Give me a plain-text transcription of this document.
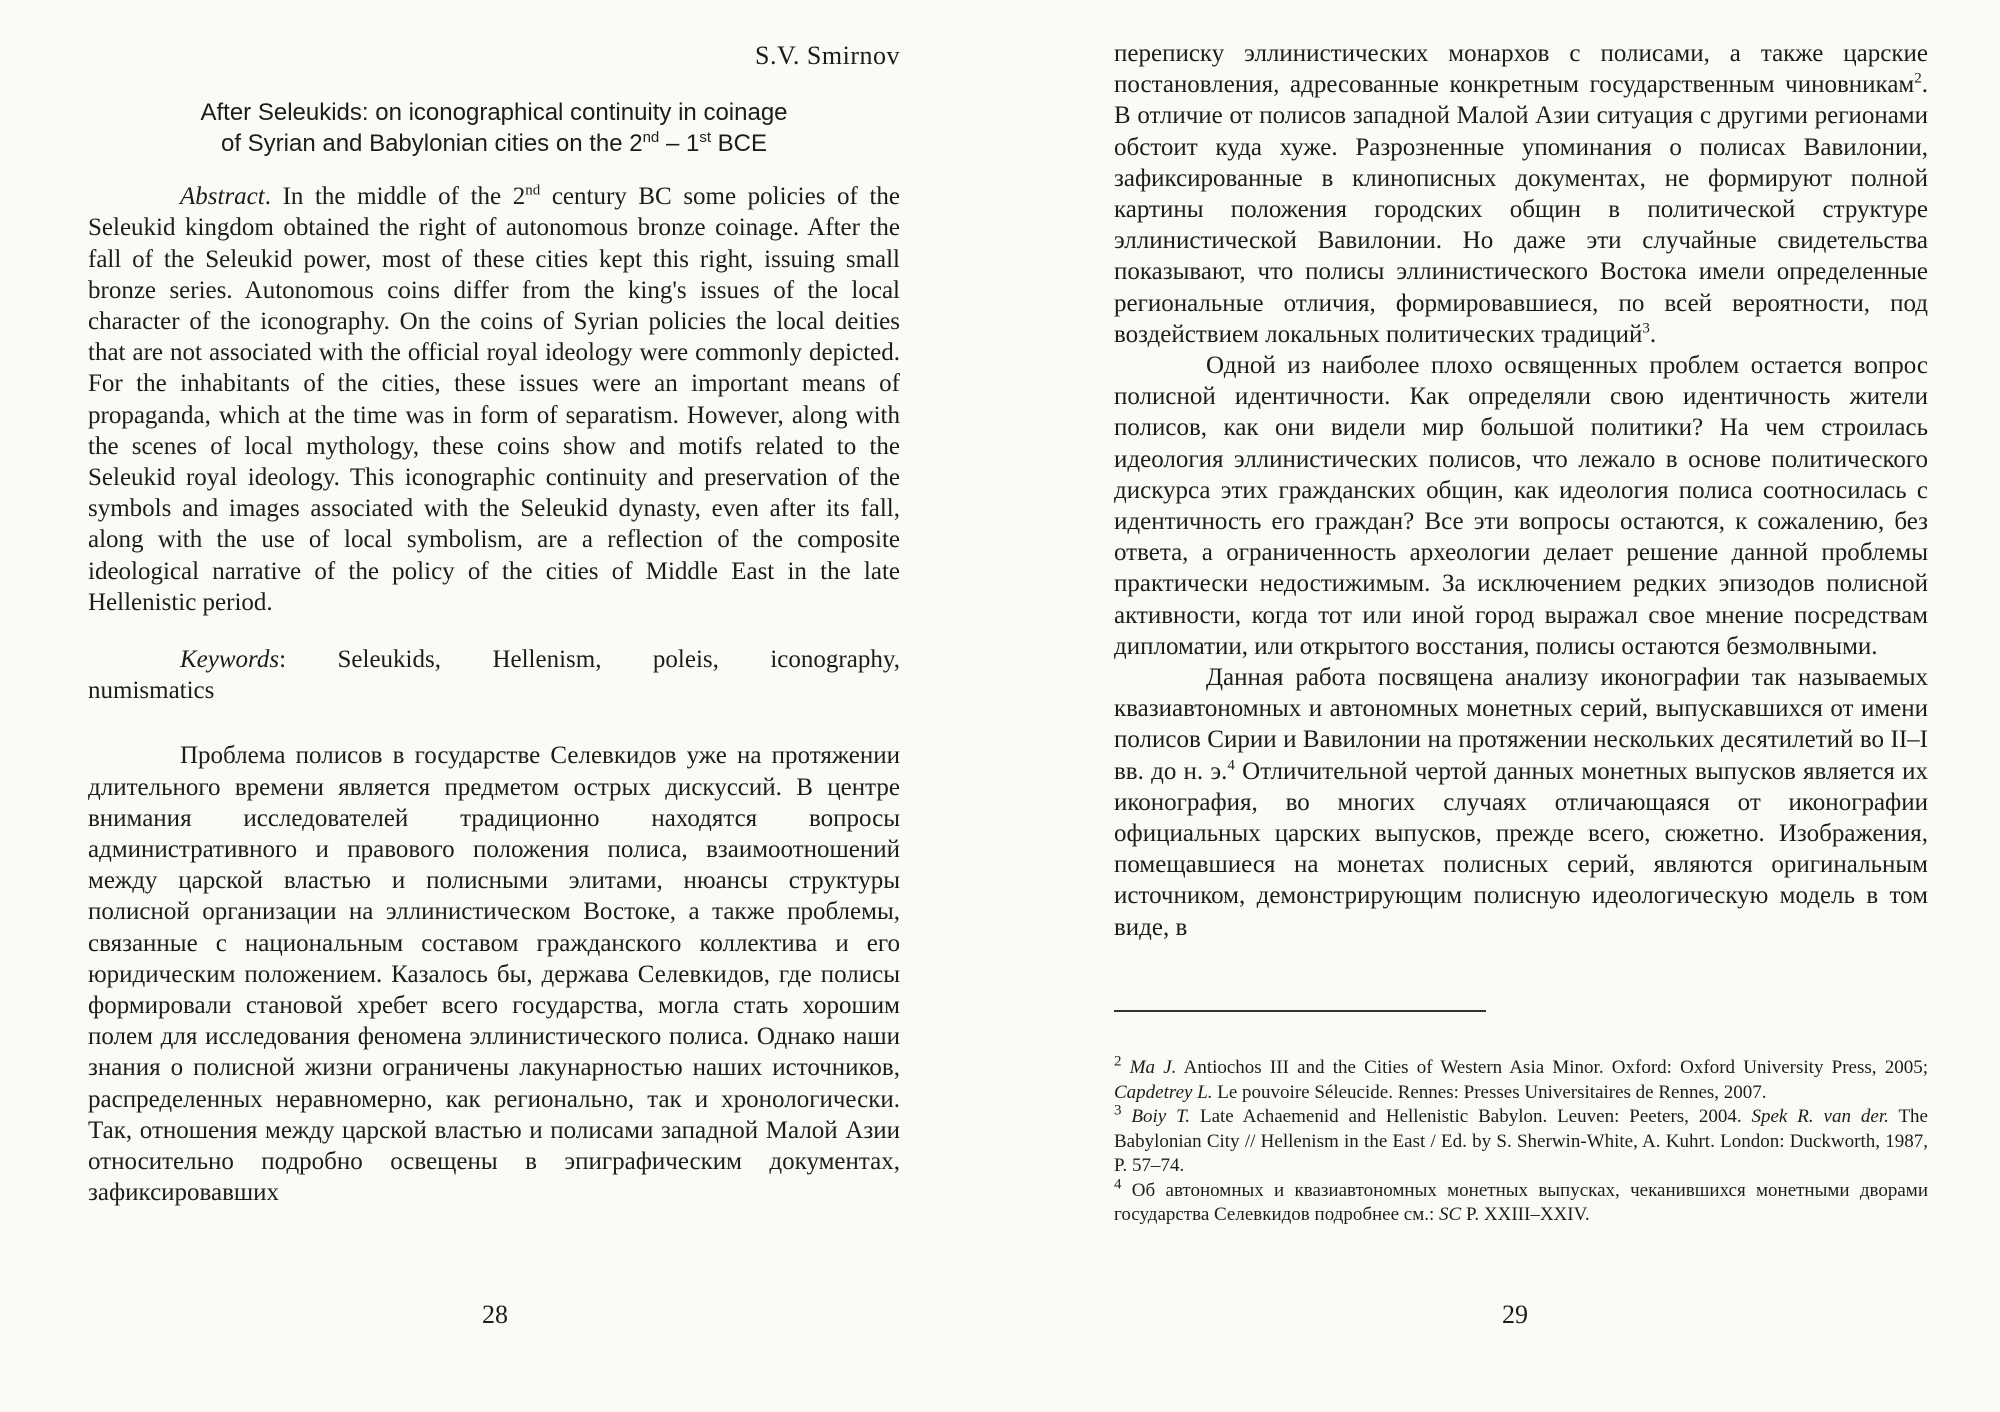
S.V. Smirnov
After Seleukids: on iconographical continuity in coinage
of Syrian and Babylonian cities on the 2nd – 1st BCE

Abstract. In the middle of the 2nd century BC some policies of the Seleukid kingdom obtained the right of autonomous bronze coinage. After the fall of the Seleukid power, most of these cities kept this right, issuing small bronze series. Autonomous coins differ from the king's issues of the local character of the iconography. On the coins of Syrian policies the local deities that are not associated with the official royal ideology were commonly depicted. For the inhabitants of the cities, these issues were an important means of propaganda, which at the time was in form of separatism. However, along with the scenes of local mythology, these coins show and motifs related to the Seleukid royal ideology. This iconographic continuity and preservation of the symbols and images associated with the Seleukid dynasty, even after its fall, along with the use of local symbolism, are a reflection of the composite ideological narrative of the policy of the cities of Middle East in the late Hellenistic period.

Keywords: Seleukids, Hellenism, poleis, iconography,
numismatics

Проблема полисов в государстве Селевкидов уже на протяжении длительного времени является предметом острых дискуссий. В центре внимания исследователей традиционно находятся вопросы административного и правового положения полиса, взаимоотношений между царской властью и полисными элитами, нюансы структуры полисной организации на эллинистическом Востоке, а также проблемы, связанные с национальным составом гражданского коллектива и его юридическим положением. Казалось бы, держава Селевкидов, где полисы формировали становой хребет всего государства, могла стать хорошим полем для исследования феномена эллинистического полиса. Однако наши знания о полисной жизни ограничены лакунарностью наших источников, распределенных неравномерно, как регионально, так и хронологически. Так, отношения между царской властью и полисами западной Малой Азии относительно подробно освещены в эпиграфическим документах, зафиксировавших

28

переписку эллинистических монархов с полисами, а также царские постановления, адресованные конкретным государственным чиновникам$^2$. В отличие от полисов западной Малой Азии ситуация с другими регионами обстоит куда хуже. Разрозненные упоминания о полисах Вавилонии, зафиксированные в клинописных документах, не формируют полной картины положения городских общин в политической структуре эллинистической Вавилонии. Но даже эти случайные свидетельства показывают, что полисы эллинистического Востока имели определенные региональные отличия, формировавшиеся, по всей вероятности, под воздействием локальных политических традиций$^3$.

Одной из наиболее плохо освященных проблем остается вопрос полисной идентичности. Как определяли свою идентичность жители полисов, как они видели мир большой политики? На чем строилась идеология эллинистических полисов, что лежало в основе политического дискурса этих гражданских общин, как идеология полиса соотносилась с идентичность его граждан? Все эти вопросы остаются, к сожалению, без ответа, а ограниченность археологии делает решение данной проблемы практически недостижимым. За исключением редких эпизодов полисной активности, когда тот или иной город выражал свое мнение посредствам дипломатии, или открытого восстания, полисы остаются безмолвными.

Данная работа посвящена анализу иконографии так называемых квазиавтономных и автономных монетных серий, выпускавшихся от имени полисов Сирии и Вавилонии на протяжении нескольких десятилетий во II–I вв. до н. э.$^4$ Отличительной чертой данных монетных выпусков является их иконография, во многих случаях отличающаяся от иконографии официальных царских выпусков, прежде всего, сюжетно. Изображения, помещавшиеся на монетах полисных серий, являются оригинальным источником, демонстрирующим полисную идеологическую модель в том виде, в

$^2$ Ma J. Antiochos III and the Cities of Western Asia Minor. Oxford: Oxford University Press, 2005; Capdetrey L. Le pouvoire Séleucide. Rennes: Presses Universitaires de Rennes, 2007.

$^3$ Boiy T. Late Achaemenid and Hellenistic Babylon. Leuven: Peeters, 2004. Spek R. van der. The Babylonian City // Hellenism in the East / Ed. by S. Sherwin-White, A. Kuhrt. London: Duckworth, 1987, P. 57–74.

$^4$ Об автономных и квазиавтономных монетных выпусках, чеканившихся монетными дворами государства Селевкидов подробнее см.: SC P. XXIII–XXIV.

29
